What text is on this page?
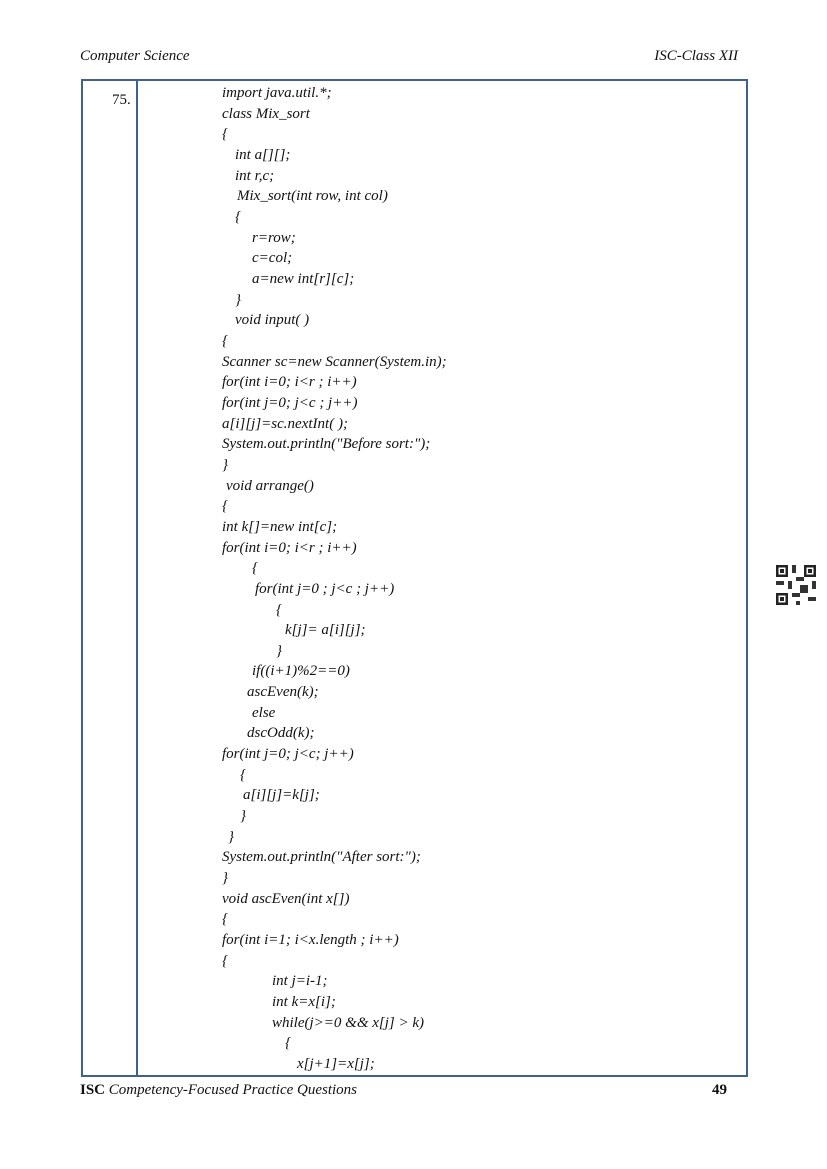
Computer Science	ISC-Class XII
75.	import java.util.*;
class Mix_sort
{
int a[][];
int r,c;
Mix_sort(int row, int col)
{
r=row;
c=col;
a=new int[r][c];
}
void input( )
{
Scanner sc=new Scanner(System.in);
for(int i=0; i<r ; i++)
for(int j=0; j<c ; j++)
a[i][j]=sc.nextInt( );
System.out.println("Before sort:");
}
void arrange()
{
int k[]=new int[c];
for(int i=0; i<r ; i++)
{
for(int j=0 ; j<c ; j++)
{
k[j]= a[i][j];
}
if((i+1)%2==0)
ascEven(k);
else
dscOdd(k);
for(int j=0; j<c; j++)
{
a[i][j]=k[j];
}
}
System.out.println("After sort:");
}
void ascEven(int x[])
{
for(int i=1; i<x.length ; i++)
{
int j=i-1;
int k=x[i];
while(j>=0 && x[j] > k)
{
x[j+1]=x[j];
ISC Competency-Focused Practice Questions	49
